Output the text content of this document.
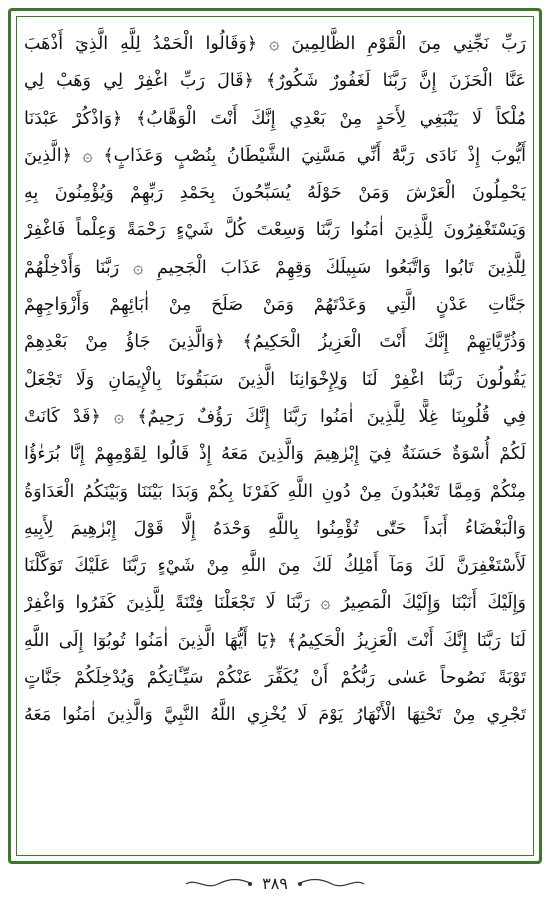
رَبِّ نَجِّنِي مِنَ الْقَوْمِ الظَّالِمِينَ ۞ ﴿وَقَالُوا الْحَمْدُ لِلَّهِ الَّذِيٓ أَذْهَبَ
عَنَّا الْحَزَنَ إِنَّ رَبَّنَا لَغَفُورٌ شَكُورٌ﴾ ﴿قَالَ رَبِّ اغْفِرْ لِي وَهَبْ لِي
مُلْكاً لَا يَنْبَغِي لِأَحَدٍ مِنْ بَعْدِي إِنَّكَ أَنْتَ الْوَهَّابُ﴾ ﴿وَاذْكُرْ عَبْدَنَا
أَيُّوبَ إِذْ نَادَى رَبَّهُٓ أَنِّي مَسَّنِيَ الشَّيْطَانُ بِنُصْبٍ وَعَذَابٍ﴾ ۞ ﴿الَّذِينَ
يَحْمِلُونَ الْعَرْشَ وَمَنْ حَوْلَهُ يُسَبِّحُونَ بِحَمْدِ رَبِّهِمْ وَيُؤْمِنُونَ بِهِ
وَيَسْتَغْفِرُونَ لِلَّذِينَ اٰمَنُوا رَبَّنَا وَسِعْتَ كُلَّ شَيْءٍ رَحْمَةً وَعِلْماً فَاغْفِرْ
لِلَّذِينَ تَابُوا وَاتَّبَعُوا سَبِيلَكَ وَقِهِمْ عَذَابَ الْجَحِيمِ ۞ رَبَّنَا وَأَدْخِلْهُمْ
جَنَّاتِ عَدْنٍ الَّتِي وَعَدْتَهُمْ وَمَنْ صَلَحَ مِنْ اٰبَائِهِمْ وَأَزْوَاجِهِمْ
وَذُرِّيَّاتِهِمْ إِنَّكَ أَنْتَ الْعَزِيزُ الْحَكِيمُ﴾ ﴿وَالَّذِينَ جَاؤُ مِنْ بَعْدِهِمْ
يَقُولُونَ رَبَّنَا اغْفِرْ لَنَا وَلِإِخْوَانِنَا الَّذِينَ سَبَقُونَا بِالْإِيمَانِ وَلَا تَجْعَلْ
فِي قُلُوبِنَا غِلًّا لِلَّذِينَ اٰمَنُوا رَبَّنَا إِنَّكَ رَؤُفٌ رَحِيمٌ﴾ ۞ ﴿قَدْ كَانَتْ
لَكُمْ أُسْوَةٌ حَسَنَةٌ فِيٓ إِبْرٰهِيمَ وَالَّذِينَ مَعَهُ إِذْ قَالُوا لِقَوْمِهِمْ إِنَّا بُرَءٰؤُا
مِنْكُمْ وَمِمَّا تَعْبُدُونَ مِنْ دُونِ اللَّهِ كَفَرْنَا بِكُمْ وَبَدَا بَيْنَنَا وَبَيْنَكُمُ الْعَدَاوَةُ
وَالْبَغْضَاءُ أَبَداً حَتّٰى تُؤْمِنُوا بِاللَّهِ وَحْدَهُ إِلَّا قَوْلَ إِبْرٰهِيمَ لِأَبِيهِ
لَأَسْتَغْفِرَنَّ لَكَ وَمَآ أَمْلِكُ لَكَ مِنَ اللَّهِ مِنْ شَيْءٍ رَبَّنَا عَلَيْكَ تَوَكَّلْنَا
وَإِلَيْكَ أَنَبْنَا وَإِلَيْكَ الْمَصِيرُ ۞ رَبَّنَا لَا تَجْعَلْنَا فِتْنَةً لِلَّذِينَ كَفَرُوا وَاغْفِرْ
لَنَا رَبَّنَا إِنَّكَ أَنْتَ الْعَزِيزُ الْحَكِيمُ﴾ ﴿يَٓا أَيُّهَا الَّذِينَ اٰمَنُوا تُوبُوٓا إِلَى اللَّهِ
تَوْبَةً نَصُوحاً عَسٰى رَبُّكُمْ أَنْ يُكَفِّرَ عَنْكُمْ سَيِّـَٔاتِكُمْ وَيُدْخِلَكُمْ جَنَّاتٍ
تَجْرِي مِنْ تَحْتِهَا الْأَنْهَارُ يَوْمَ لَا يُخْزِي اللَّهُ النَّبِيَّ وَالَّذِينَ اٰمَنُوا مَعَهُ
٣٨٩
